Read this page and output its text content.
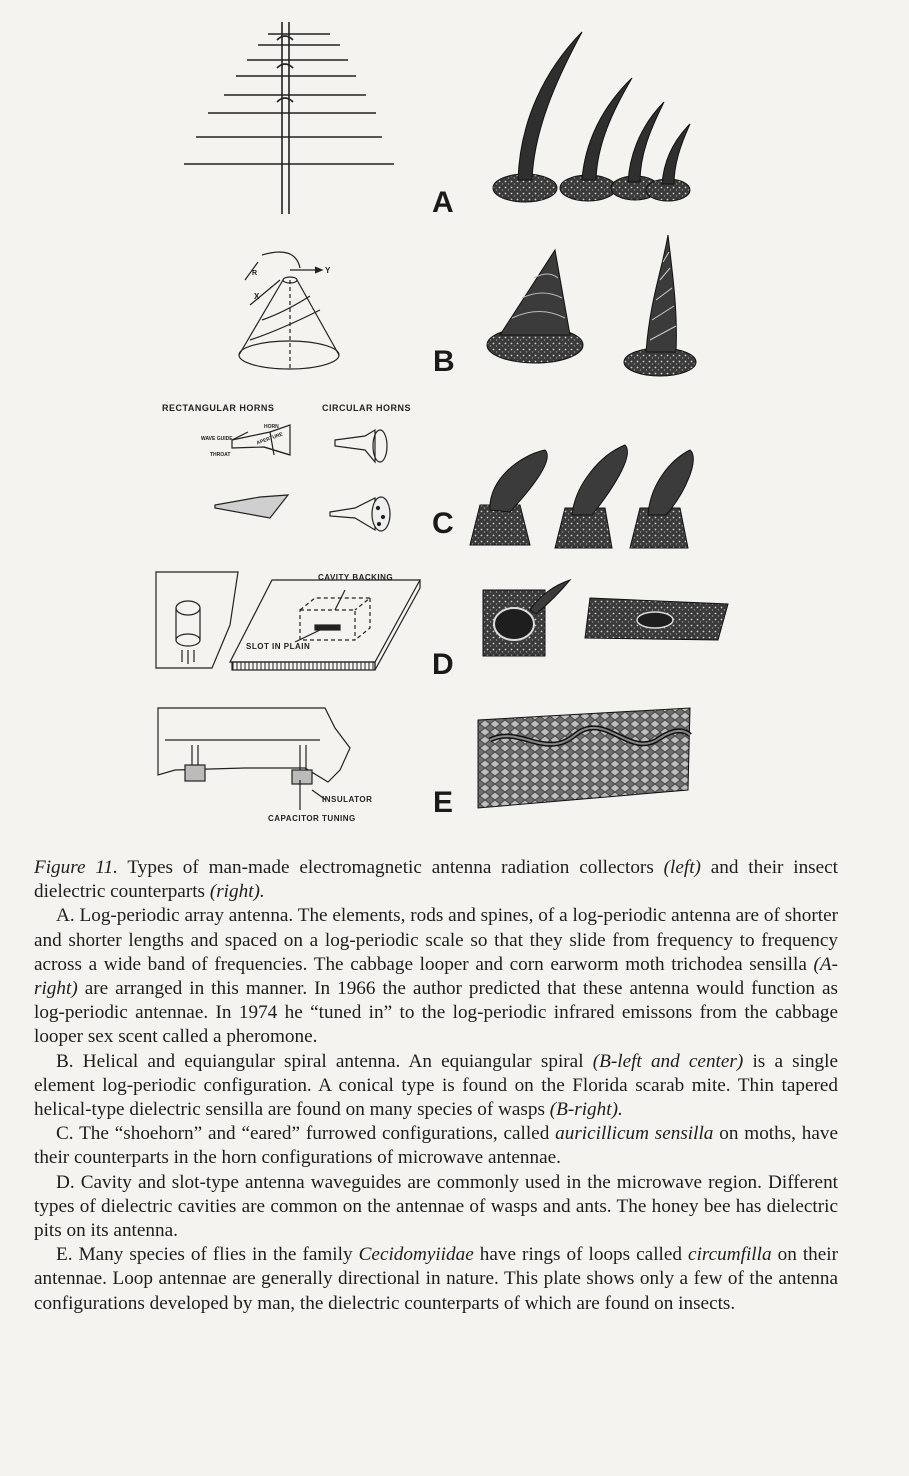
A
B
C
D
E
RECTANGULAR HORNS	CIRCULAR HORNS
HORN
WAVE GUIDE
THROAT
APERTURE
CAVITY BACKING
SLOT IN PLAIN
INSULATOR
CAPACITOR TUNING
Y
X
R

Figure 11. Types of man-made electromagnetic antenna radiation collectors (left) and their insect dielectric counterparts (right).

A. Log-periodic array antenna. The elements, rods and spines, of a log-periodic antenna are of shorter and shorter lengths and spaced on a log-periodic scale so that they slide from frequency to frequency across a wide band of frequencies. The cabbage looper and corn earworm moth trichodea sensilla (A-right) are arranged in this manner. In 1966 the author predicted that these antenna would function as log-periodic antennae. In 1974 he “tuned in” to the log-periodic infrared emissons from the cabbage looper sex scent called a pheromone.

B. Helical and equiangular spiral antenna. An equiangular spiral (B-left and center) is a single element log-periodic configuration. A conical type is found on the Florida scarab mite. Thin tapered helical-type dielectric sensilla are found on many species of wasps (B-right).

C. The “shoehorn” and “eared” furrowed configurations, called auricillicum sensilla on moths, have their counterparts in the horn configurations of microwave antennae.

D. Cavity and slot-type antenna waveguides are commonly used in the microwave region. Different types of dielectric cavities are common on the antennae of wasps and ants. The honey bee has dielectric pits on its antenna.

E. Many species of flies in the family Cecidomyiidae have rings of loops called circumfilla on their antennae. Loop antennae are generally directional in nature. This plate shows only a few of the antenna configurations developed by man, the dielectric counterparts of which are found on insects.
